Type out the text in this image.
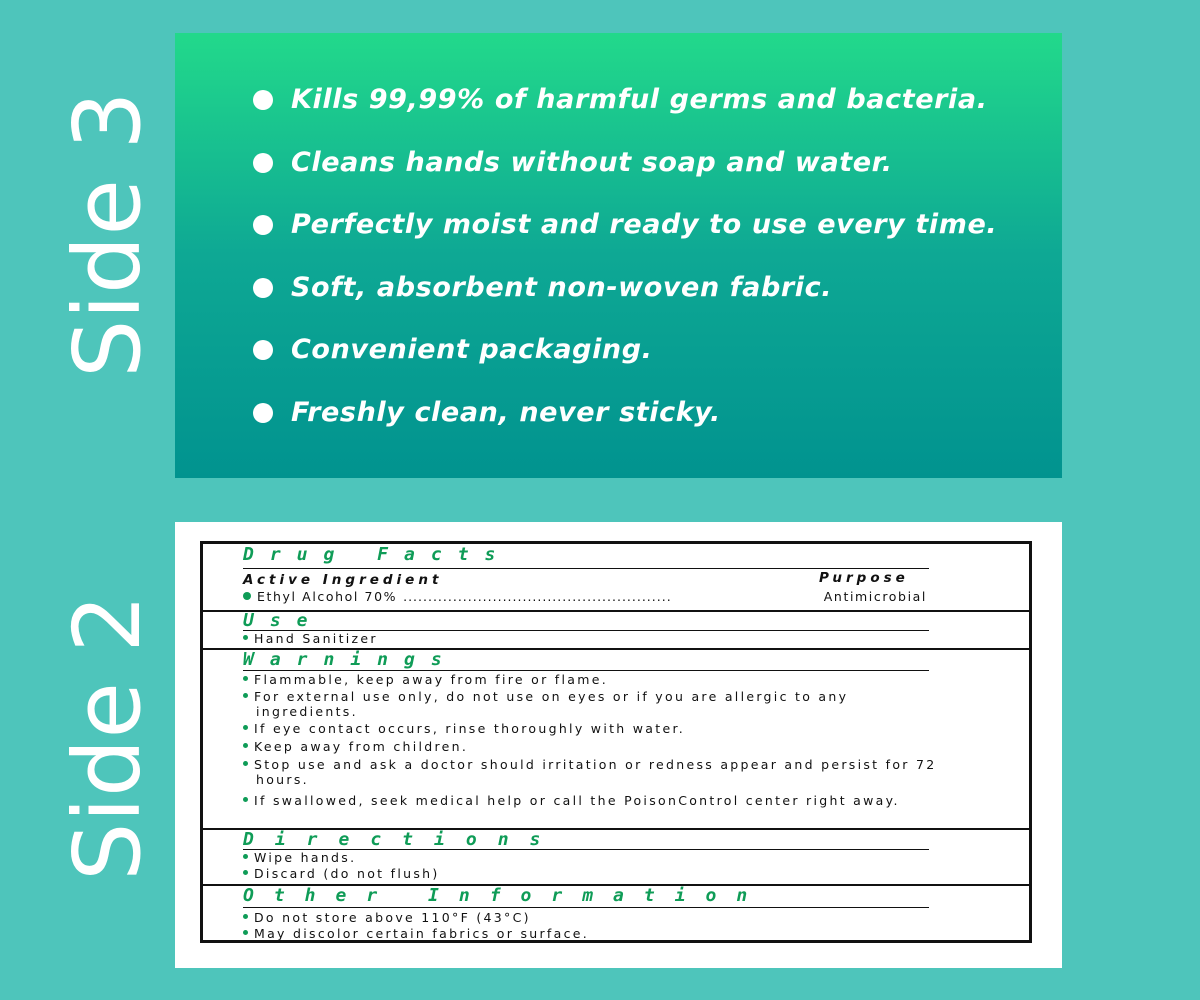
Side 3
Side 2
Kills 99,99% of harmful germs and bacteria.
Cleans hands without soap and water.
Perfectly moist and ready to use every time.
Soft, absorbent non-woven fabric.
Convenient packaging.
Freshly clean, never sticky.
Drug Facts
Active Ingredient	Purpose
Ethyl Alcohol 70% ......................................................	Antimicrobial
Use
Hand Sanitizer
Warnings
Flammable, keep away from fire or flame.
For external use only, do not use on eyes or if you are allergic to any ingredients.
If eye contact occurs, rinse thoroughly with water.
Keep away from children.
Stop use and ask a doctor should irritation or redness appear and persist for 72 hours.
If swallowed, seek medical help or call the PoisonControl center right away.
Directions
Wipe hands.
Discard (do not flush)
Other Information
Do not store above 110°F (43°C)
May discolor certain fabrics or surface.
